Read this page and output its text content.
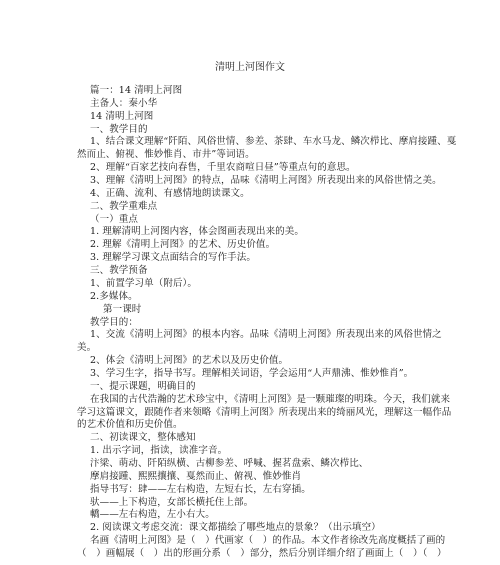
清明上河图作文
篇一：14 清明上河图
主备人：秦小华
14 清明上河图
一、教学目的
1、结合课文理解“阡陌、风俗世情、参差、茶肆、车水马龙、鳞次栉比、摩肩接踵、戛
然而止、俯视、惟妙惟肖、市井”等词语。
2、理解“百家艺技向春售，千里农商喧日昼”等重点句的意思。
3、理解《清明上河图》的特点，品味《清明上河图》所表现出来的风俗世情之美。
4、正确、流利、有感情地朗读课文。
二、教学重难点
（一）重点
1. 理解清明上河图内容，体会图画表现出来的美。
2. 理解《清明上河图》的艺术、历史价值。
3. 理解学习课文点面结合的写作手法。
三、教学预备
1、前置学习单（附后）。
2.多媒体。
第一课时
教学目的：
1、交流《清明上河图》的根本内容。品味《清明上河图》所表现出来的风俗世情之
美。
2、体会《清明上河图》的艺术以及历史价值。
3、学习生字，指导书写。理解相关词语，学会运用“人声鼎沸、惟妙惟肖”。
一、提示课题，明确目的
在我国的古代浩瀚的艺术珍宝中，《清明上河图》是一颗璀璨的明珠。今天，我们就来
学习这篇课文，跟随作者来领略《清明上河图》所表现出来的绮丽风光，理解这一幅作品
的艺术价值和历史价值。
二、初读课文，整体感知
1. 出示字词，指读，读准字音。
汴梁、萌动、阡陌纵横、古柳参差、呼喊、握茗盘索、鳞次栉比、
摩肩接踵、熙熙攘攘、戛然而止、俯视、惟妙惟肖
指导书写：肆——左右构造，左短右长，左右穿插。
驮——上下构造，女部长横托住上部。
轎——左右构造，左小右大。
2. 阅读课文考虑交流：课文都描绘了哪些地点的景象？（出示填空）
名画《清明上河图》是（　）代画家（　）的作品。本文作者徐改先高度概括了画的
（　）画幅展（　）出的形画分系（　）部分，然后分别详细介绍了画面上（　）（　）
